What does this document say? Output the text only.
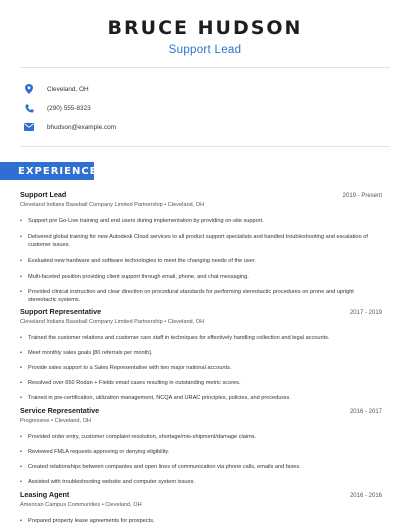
BRUCE HUDSON
Support Lead
Cleveland, OH
(290) 555-8323
bhudson@example.com
EXPERIENCE
Support Lead	2019 - Present
Cleveland Indians Baseball Company Limited Partnership • Cleveland, OH
• Support pre Go-Live training and end users during implementation by providing on-site support.
• Delivered global training for new Autodesk Cloud services to all product support specialists and handled troubleshooting and escalation of customer issues.
• Evaluated new hardware and software technologies to meet the changing needs of the user.
• Multi-faceted position providing client support through email, phone, and chat messaging.
• Provided clinical instruction and clear direction on procedural standards for performing stereotactic procedures on prone and upright stereotactic systems.
Support Representative	2017 - 2019
Cleveland Indians Baseball Company Limited Partnership • Cleveland, OH
• Trained the customer relations and customer care staff in techniques for effectively handling collection and legal accounts.
• Meet monthly sales goals [80 referrals per month].
• Provide sales support to a Sales Representative with two major national accounts.
• Resolved over 650 Rodan + Fields email cases resulting in outstanding metric scores.
• Trained in pre-certification, utilization management, NCQA and URAC principles, policies, and procedures.
Service Representative	2016 - 2017
Progressive • Cleveland, OH
• Provided order entry, customer complaint resolution, shortage/mis-shipment/damage claims.
• Reviewed FMLA requests approving or denying eligibility.
• Created relationships between companies and open lines of communication via phone calls, emails and faxes.
• Assisted with troubleshooting website and computer system issues.
Leasing Agent	2016 - 2016
American Campus Communities • Cleveland, OH
• Prepared property lease agreements for prospects.
